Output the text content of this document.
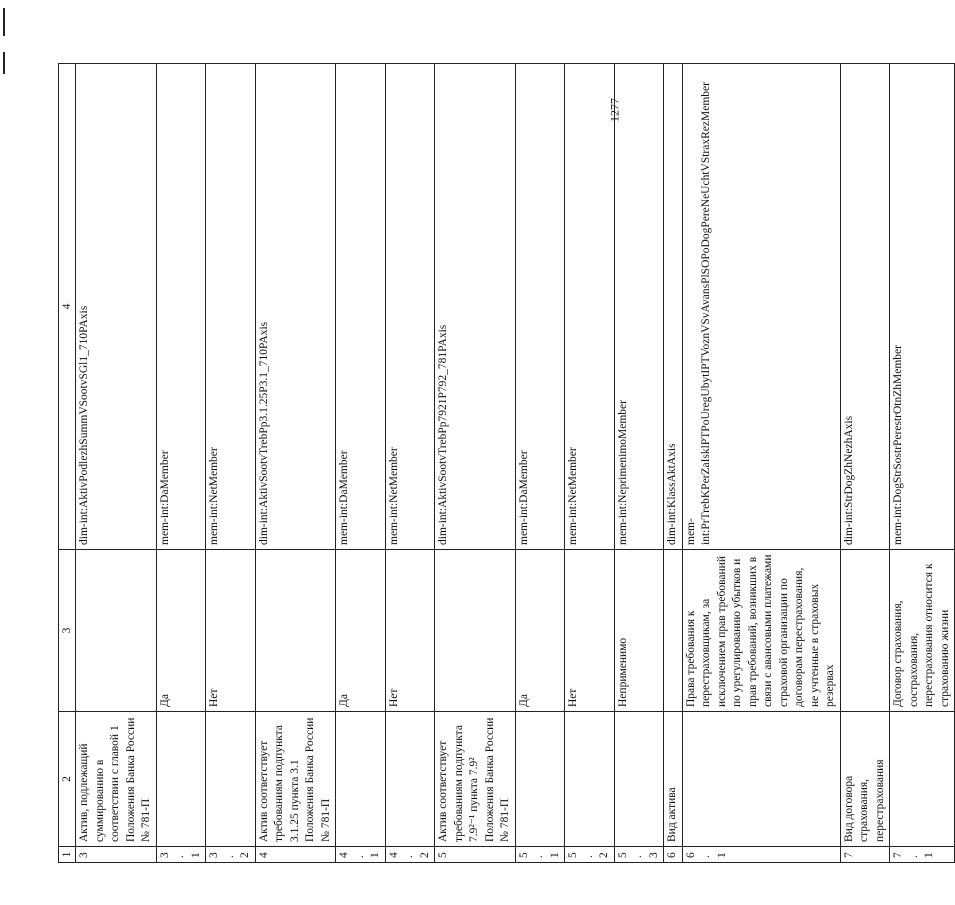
1277
1	2	3	4
3	Актив, подлежащий суммированию в соответствии с главой 1 Положения Банка России № 781-П		dim-int:AktivPodlezhSummVSootvSGl1_710PAxis
3.1		Да	mem-int:DaMember
3.2		Нет	mem-int:NetMember
4	Актив соответствует требованиям подпункта 3.1.25 пункта 3.1 Положения Банка России № 781-П		dim-int:AktivSootvTrebPp3.1.25P3.1_710PAxis
4.1		Да	mem-int:DaMember
4.2		Нет	mem-int:NetMember
5	Актив соответствует требованиям подпункта 7.9²⁻¹ пункта 7.9² Положения Банка России № 781-П		dim-int:AktivSootvTrebPp7921P792_781PAxis
5.1		Да	mem-int:DaMember
5.2		Нет	mem-int:NetMember
5.3		Неприменимо	mem-int:NeprimenimoMember
6	Вид актива		dim-int:KlassAktAxis
6.1		Права требования к перестраховщикам, за исключением прав требований по урегулированию убытков и прав требований, возникших в связи с авансовыми платежами страховой организации по договорам перестрахования, не учтенные в страховых резервах	mem-int:PrTrebKPerZaIsklPTPoUregUbytIPTVoznVSvAvansPlSOPoDogPereNeUchtVStraxRezMember
7	Вид договора страхования, перестрахования		dim-int:StrDogZhNezhAxis
7.1		Договор страхования, сострахования, перестрахования относится к страхованию жизни	mem-int:DogStrSostrPerestrOtnZhMember
